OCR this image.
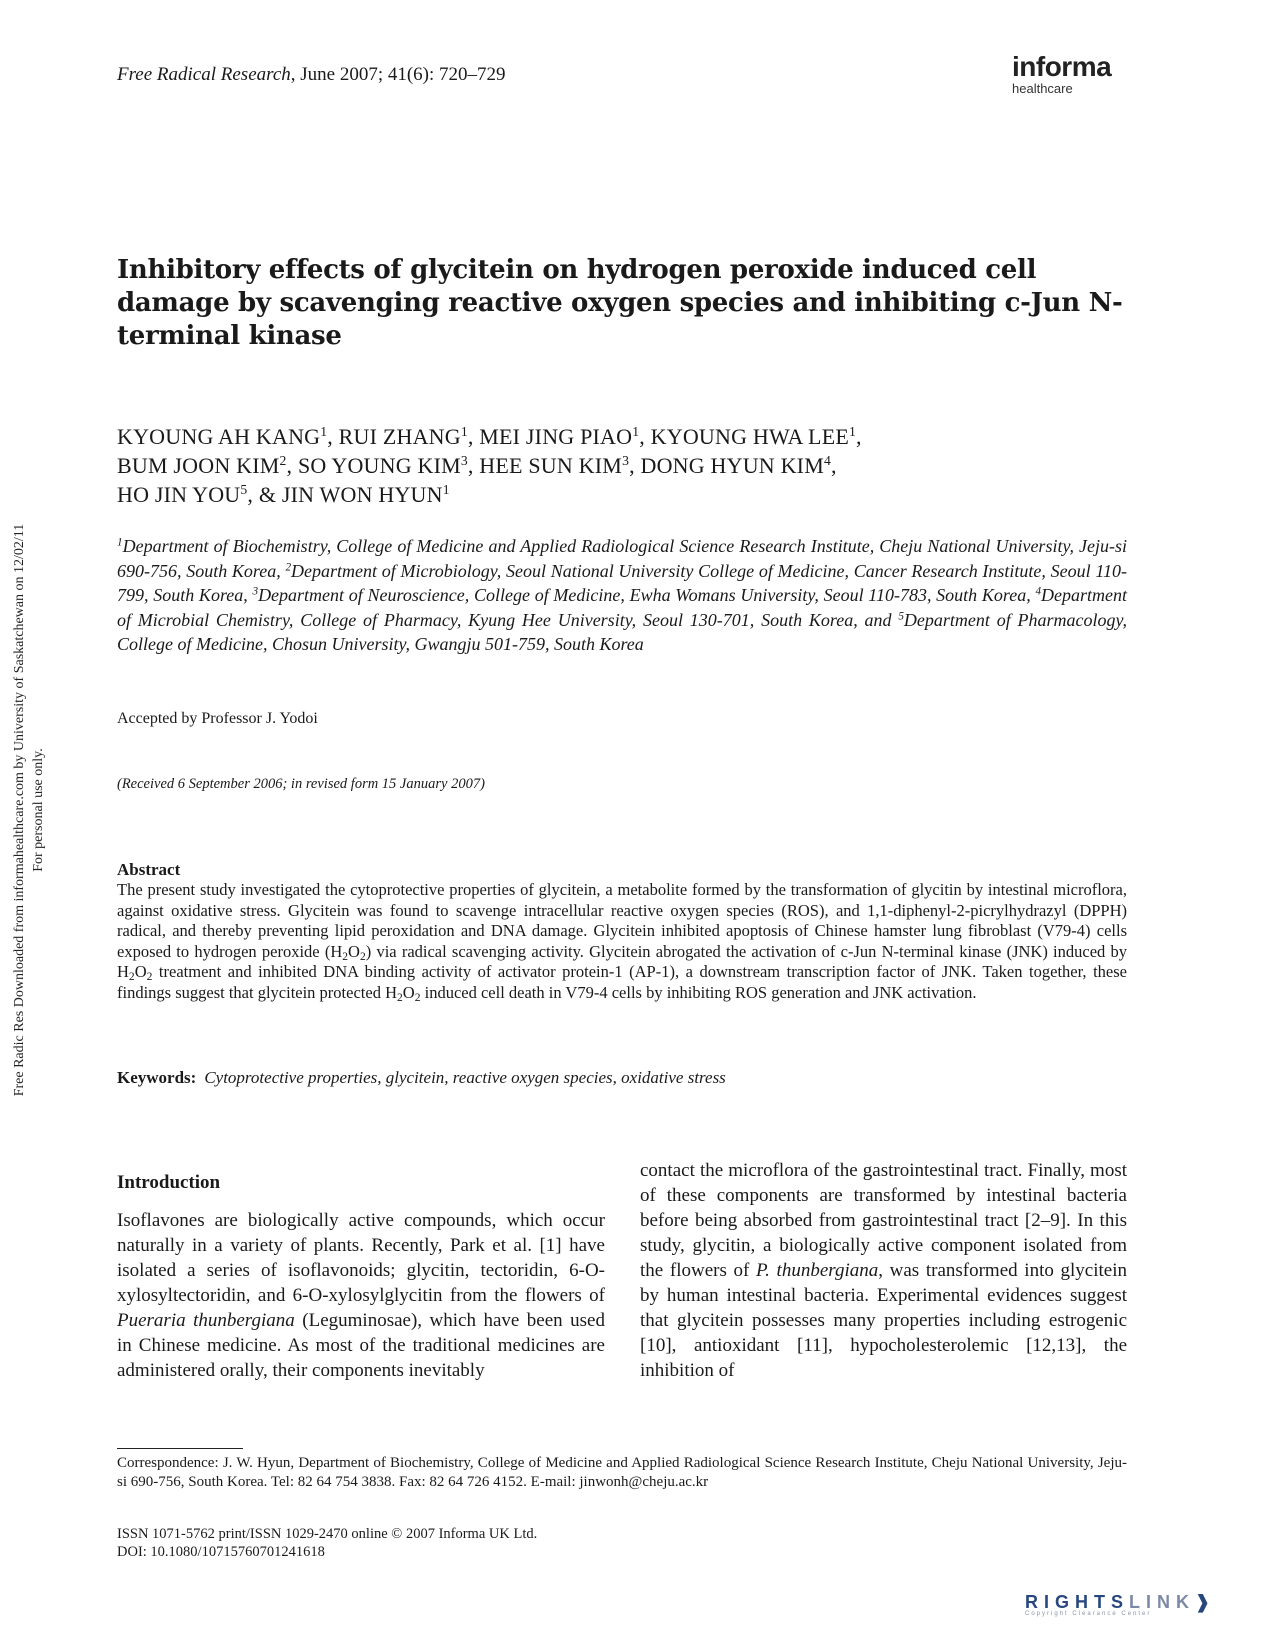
Free Radical Research, June 2007; 41(6): 720–729	informa
healthcare
Free Radic Res Downloaded from informahealthcare.com by University of Saskatchewan on 12/02/11 For personal use only.
Inhibitory effects of glycitein on hydrogen peroxide induced cell damage by scavenging reactive oxygen species and inhibiting c-Jun N-terminal kinase
KYOUNG AH KANG$^1$, RUI ZHANG$^1$, MEI JING PIAO$^1$, KYOUNG HWA LEE$^1$,
BUM JOON KIM$^2$, SO YOUNG KIM$^3$, HEE SUN KIM$^3$, DONG HYUN KIM$^4$,
HO JIN YOU$^5$, & JIN WON HYUN$^1$
$^1$Department of Biochemistry, College of Medicine and Applied Radiological Science Research Institute, Cheju National University, Jeju-si 690-756, South Korea, $^2$Department of Microbiology, Seoul National University College of Medicine, Cancer Research Institute, Seoul 110-799, South Korea, $^3$Department of Neuroscience, College of Medicine, Ewha Womans University, Seoul 110-783, South Korea, $^4$Department of Microbial Chemistry, College of Pharmacy, Kyung Hee University, Seoul 130-701, South Korea, and $^5$Department of Pharmacology, College of Medicine, Chosun University, Gwangju 501-759, South Korea
Accepted by Professor J. Yodoi
(Received 6 September 2006; in revised form 15 January 2007)
Abstract
The present study investigated the cytoprotective properties of glycitein, a metabolite formed by the transformation of glycitin by intestinal microflora, against oxidative stress. Glycitein was found to scavenge intracellular reactive oxygen species (ROS), and 1,1-diphenyl-2-picrylhydrazyl (DPPH) radical, and thereby preventing lipid peroxidation and DNA damage. Glycitein inhibited apoptosis of Chinese hamster lung fibroblast (V79-4) cells exposed to hydrogen peroxide $(H_2O_2)$ via radical scavenging activity. Glycitein abrogated the activation of c-Jun N-terminal kinase (JNK) induced by $H_2O_2$ treatment and inhibited DNA binding activity of activator protein-1 (AP-1), a downstream transcription factor of JNK. Taken together, these findings suggest that glycitein protected $H_2O_2$ induced cell death in V79-4 cells by inhibiting ROS generation and JNK activation.
Keywords: Cytoprotective properties, glycitein, reactive oxygen species, oxidative stress
Introduction
Isoflavones are biologically active compounds, which occur naturally in a variety of plants. Recently, Park et al. [1] have isolated a series of isoflavonoids; glycitin, tectoridin, 6-O-xylosyltectoridin, and 6-O-xylosylglycitin from the flowers of Pueraria thunbergiana (Leguminosae), which have been used in Chinese medicine. As most of the traditional medicines are administered orally, their components inevitably
contact the microflora of the gastrointestinal tract. Finally, most of these components are transformed by intestinal bacteria before being absorbed from gastrointestinal tract [2–9]. In this study, glycitin, a biologically active component isolated from the flowers of P. thunbergiana, was transformed into glycitein by human intestinal bacteria. Experimental evidences suggest that glycitein possesses many properties including estrogenic [10], antioxidant [11], hypocholesterolemic [12,13], the inhibition of
Correspondence: J. W. Hyun, Department of Biochemistry, College of Medicine and Applied Radiological Science Research Institute, Cheju National University, Jeju-si 690-756, South Korea. Tel: 82 64 754 3838. Fax: 82 64 726 4152. E-mail: jinwonh@cheju.ac.kr
ISSN 1071-5762 print/ISSN 1029-2470 online © 2007 Informa UK Ltd.
DOI: 10.1080/10715760701241618
RIGHTSLINK❱
Copyright Clearance Center
